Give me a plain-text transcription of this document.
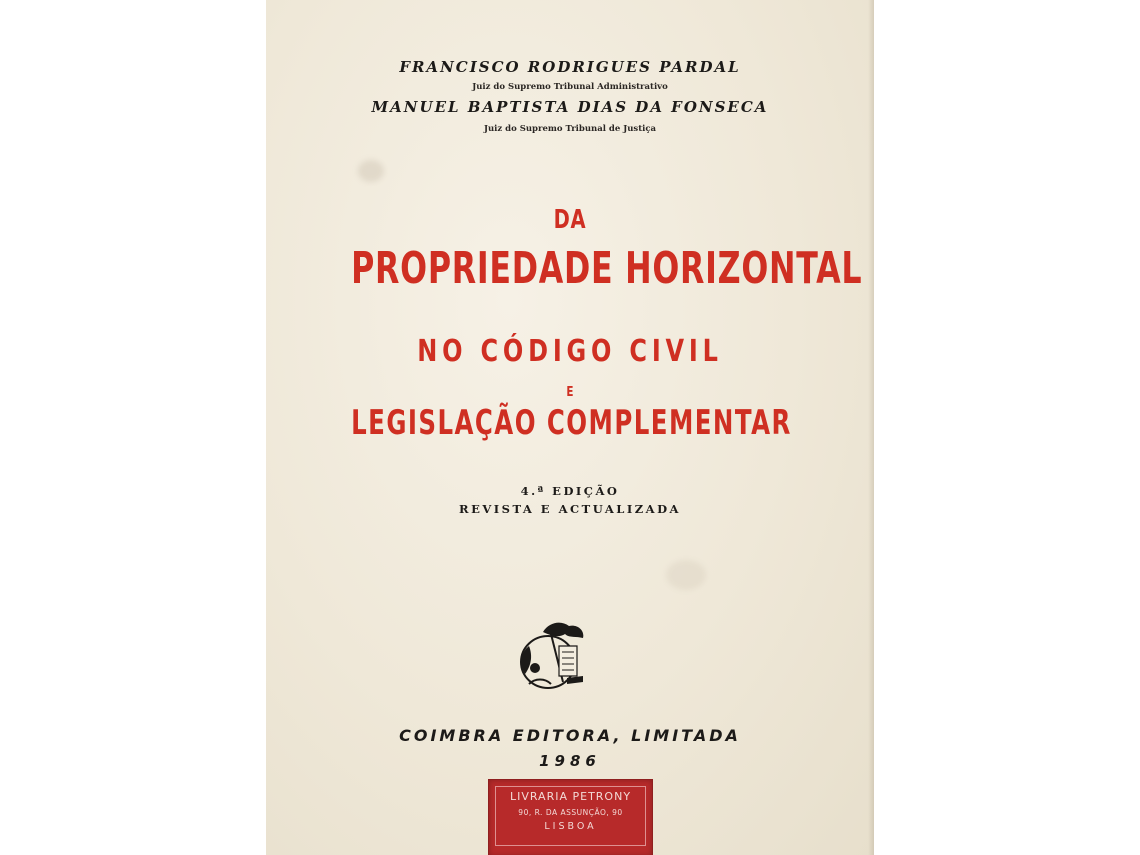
FRANCISCO RODRIGUES PARDAL
Juiz do Supremo Tribunal Administrativo
MANUEL BAPTISTA DIAS DA FONSECA
Juiz do Supremo Tribunal de Justiça
DA
PROPRIEDADE HORIZONTAL
NO CÓDIGO CIVIL
E
LEGISLAÇÃO COMPLEMENTAR
4.ª EDIÇÃO
REVISTA E ACTUALIZADA
COIMBRA EDITORA, LIMITADA
1986
LIVRARIA PETRONY
90, R. DA ASSUNÇÃO, 90
LISBOA
